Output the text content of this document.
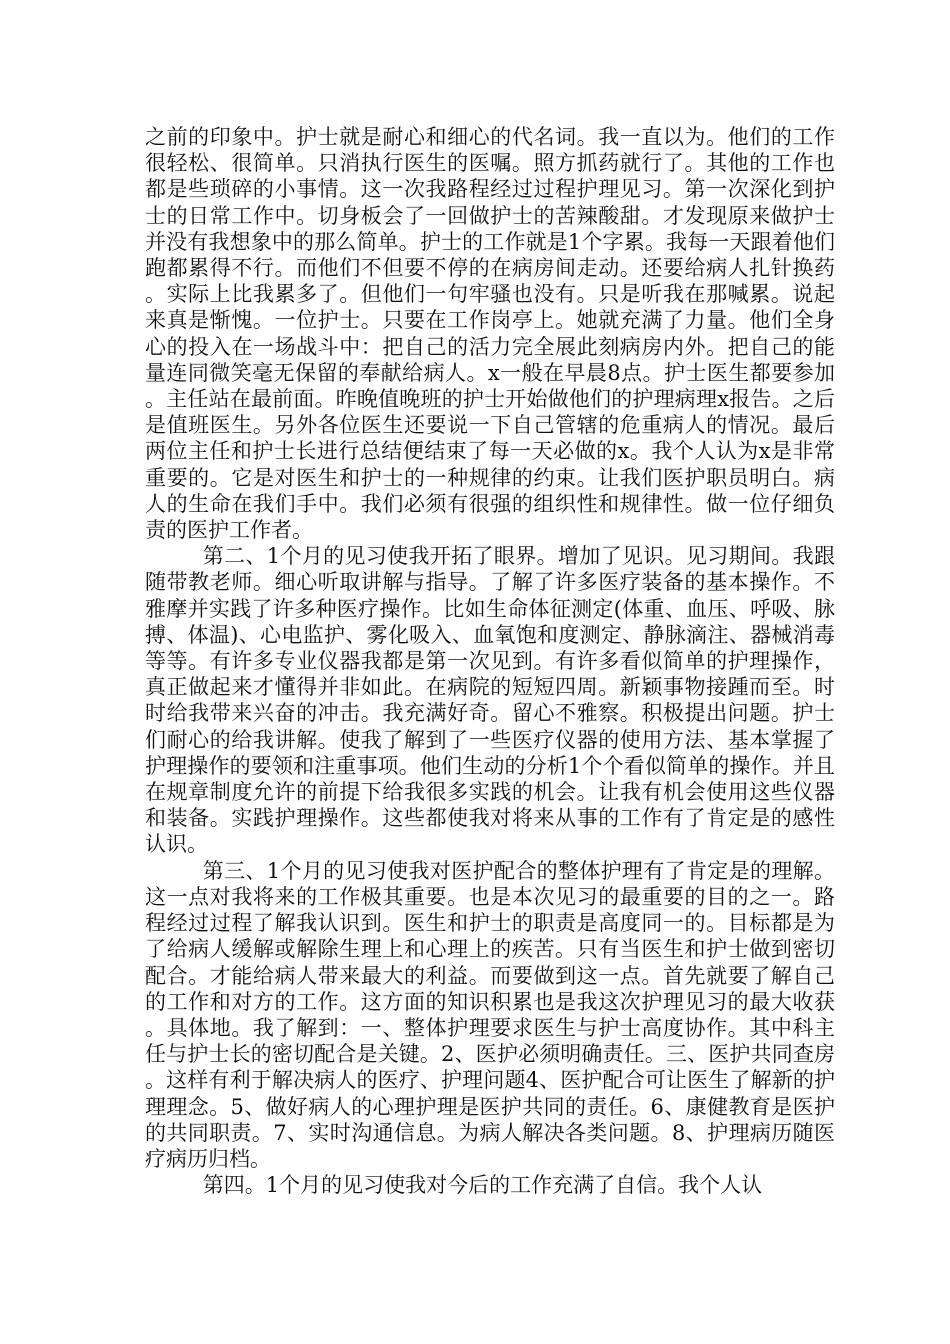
之前的印象中。护士就是耐心和细心的代名词。我一直以为。他们的工作很轻松、很简单。只消执行医生的医嘱。照方抓药就行了。其他的工作也都是些琐碎的小事情。这一次我路程经过过程护理见习。第一次深化到护士的日常工作中。切身板会了一回做护士的苦辣酸甜。才发现原来做护士并没有我想象中的那么简单。护士的工作就是1个字累。我每一天跟着他们跑都累得不行。而他们不但要不停的在病房间走动。还要给病人扎针换药。实际上比我累多了。但他们一句牢骚也没有。只是听我在那喊累。说起来真是惭愧。一位护士。只要在工作岗亭上。她就充满了力量。他们全身心的投入在一场战斗中：把自己的活力完全展此刻病房内外。把自己的能量连同微笑毫无保留的奉献给病人。x一般在早晨8点。护士医生都要参加。主任站在最前面。昨晚值晚班的护士开始做他们的护理病理x报告。之后是值班医生。另外各位医生还要说一下自己管辖的危重病人的情况。最后两位主任和护士长进行总结便结束了每一天必做的x。我个人认为x是非常重要的。它是对医生和护士的一种规律的约束。让我们医护职员明白。病人的生命在我们手中。我们必须有很强的组织性和规律性。做一位仔细负责的医护工作者。

第二、1个月的见习使我开拓了眼界。增加了见识。见习期间。我跟随带教老师。细心听取讲解与指导。了解了许多医疗装备的基本操作。不雅摩并实践了许多种医疗操作。比如生命体征测定(体重、血压、呼吸、脉搏、体温)、心电监护、雾化吸入、血氧饱和度测定、静脉滴注、器械消毒等等。有许多专业仪器我都是第一次见到。有许多看似简单的护理操作，真正做起来才懂得并非如此。在病院的短短四周。新颖事物接踵而至。时时给我带来兴奋的冲击。我充满好奇。留心不雅察。积极提出问题。护士们耐心的给我讲解。使我了解到了一些医疗仪器的使用方法、基本掌握了护理操作的要领和注重事项。他们生动的分析1个个看似简单的操作。并且在规章制度允许的前提下给我很多实践的机会。让我有机会使用这些仪器和装备。实践护理操作。这些都使我对将来从事的工作有了肯定是的感性认识。

第三、1个月的见习使我对医护配合的整体护理有了肯定是的理解。这一点对我将来的工作极其重要。也是本次见习的最重要的目的之一。路程经过过程了解我认识到。医生和护士的职责是高度同一的。目标都是为了给病人缓解或解除生理上和心理上的疾苦。只有当医生和护士做到密切配合。才能给病人带来最大的利益。而要做到这一点。首先就要了解自己的工作和对方的工作。这方面的知识积累也是我这次护理见习的最大收获。具体地。我了解到：一、整体护理要求医生与护士高度协作。其中科主任与护士长的密切配合是关键。2、医护必须明确责任。三、医护共同查房。这样有利于解决病人的医疗、护理问题4、医护配合可让医生了解新的护理理念。5、做好病人的心理护理是医护共同的责任。6、康健教育是医护的共同职责。7、实时沟通信息。为病人解决各类问题。8、护理病历随医疗病历归档。

第四。1个月的见习使我对今后的工作充满了自信。我个人认
